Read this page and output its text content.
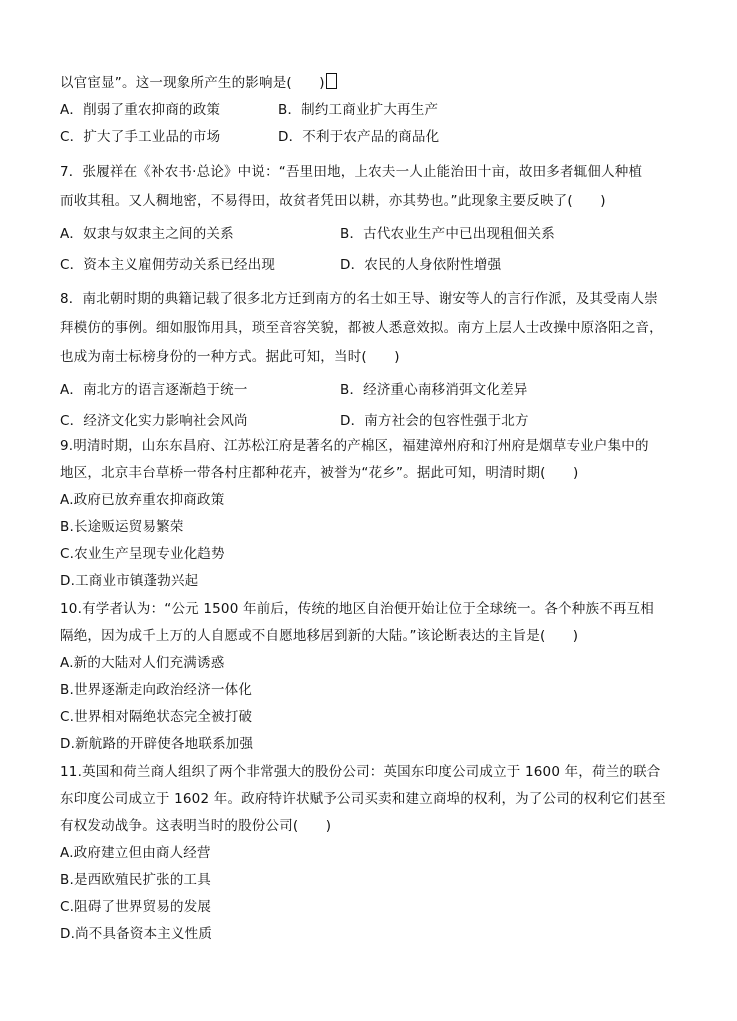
以官宦显”。这一现象所产生的影响是(　　)
A．削弱了重农抑商的政策	B．制约工商业扩大再生产
C．扩大了手工业品的市场	D．不利于农产品的商品化
7．张履祥在《补农书·总论》中说：“吾里田地，上农夫一人止能治田十亩，故田多者辄佃人种植
而收其租。又人稠地密，不易得田，故贫者凭田以耕，亦其势也。”此现象主要反映了(　　)
A．奴隶与奴隶主之间的关系	B．古代农业生产中已出现租佃关系
C．资本主义雇佣劳动关系已经出现	D．农民的人身依附性增强
8．南北朝时期的典籍记载了很多北方迁到南方的名士如王导、谢安等人的言行作派，及其受南人崇
拜模仿的事例。细如服饰用具，琐至音容笑貌，都被人悉意效拟。南方上层人士改操中原洛阳之音，
也成为南士标榜身份的一种方式。据此可知，当时(　　)
A．南北方的语言逐渐趋于统一	B．经济重心南移消弭文化差异
C．经济文化实力影响社会风尚	D．南方社会的包容性强于北方
9.明清时期，山东东昌府、江苏松江府是著名的产棉区，福建漳州府和汀州府是烟草专业户集中的
地区，北京丰台草桥一带各村庄都种花卉，被誉为“花乡”。据此可知，明清时期(　　)
A.政府已放弃重农抑商政策
B.长途贩运贸易繁荣
C.农业生产呈现专业化趋势
D.工商业市镇蓬勃兴起
10.有学者认为：“公元 1500 年前后，传统的地区自治便开始让位于全球统一。各个种族不再互相
隔绝，因为成千上万的人自愿或不自愿地移居到新的大陆。”该论断表达的主旨是(　　)
A.新的大陆对人们充满诱惑
B.世界逐渐走向政治经济一体化
C.世界相对隔绝状态完全被打破
D.新航路的开辟使各地联系加强
11.英国和荷兰商人组织了两个非常强大的股份公司：英国东印度公司成立于 1600 年，荷兰的联合
东印度公司成立于 1602 年。政府特许状赋予公司买卖和建立商埠的权利，为了公司的权利它们甚至
有权发动战争。这表明当时的股份公司(　　)
A.政府建立但由商人经营
B.是西欧殖民扩张的工具
C.阻碍了世界贸易的发展
D.尚不具备资本主义性质
